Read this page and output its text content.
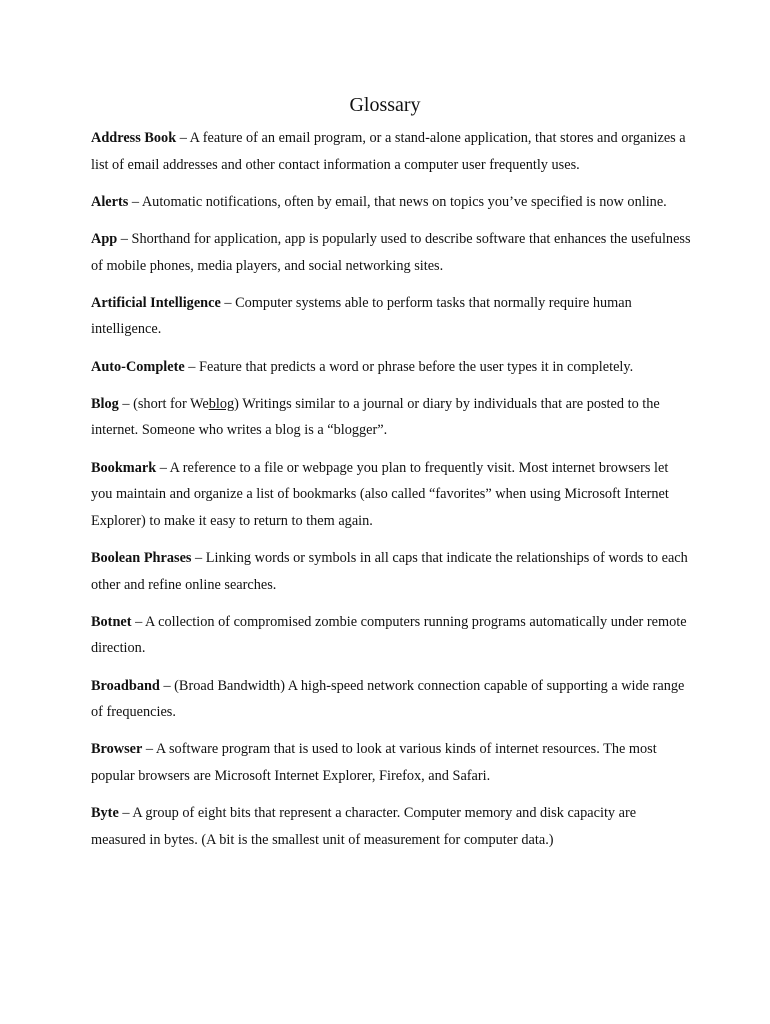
Glossary
Address Book – A feature of an email program, or a stand-alone application, that stores and organizes a list of email addresses and other contact information a computer user frequently uses.
Alerts – Automatic notifications, often by email, that news on topics you’ve specified is now online.
App – Shorthand for application, app is popularly used to describe software that enhances the usefulness of mobile phones, media players, and social networking sites.
Artificial Intelligence – Computer systems able to perform tasks that normally require human intelligence.
Auto-Complete – Feature that predicts a word or phrase before the user types it in completely.
Blog – (short for Weblog) Writings similar to a journal or diary by individuals that are posted to the internet. Someone who writes a blog is a “blogger”.
Bookmark – A reference to a file or webpage you plan to frequently visit. Most internet browsers let you maintain and organize a list of bookmarks (also called “favorites” when using Microsoft Internet Explorer) to make it easy to return to them again.
Boolean Phrases – Linking words or symbols in all caps that indicate the relationships of words to each other and refine online searches.
Botnet – A collection of compromised zombie computers running programs automatically under remote direction.
Broadband – (Broad Bandwidth) A high-speed network connection capable of supporting a wide range of frequencies.
Browser – A software program that is used to look at various kinds of internet resources. The most popular browsers are Microsoft Internet Explorer, Firefox, and Safari.
Byte – A group of eight bits that represent a character. Computer memory and disk capacity are measured in bytes. (A bit is the smallest unit of measurement for computer data.)
